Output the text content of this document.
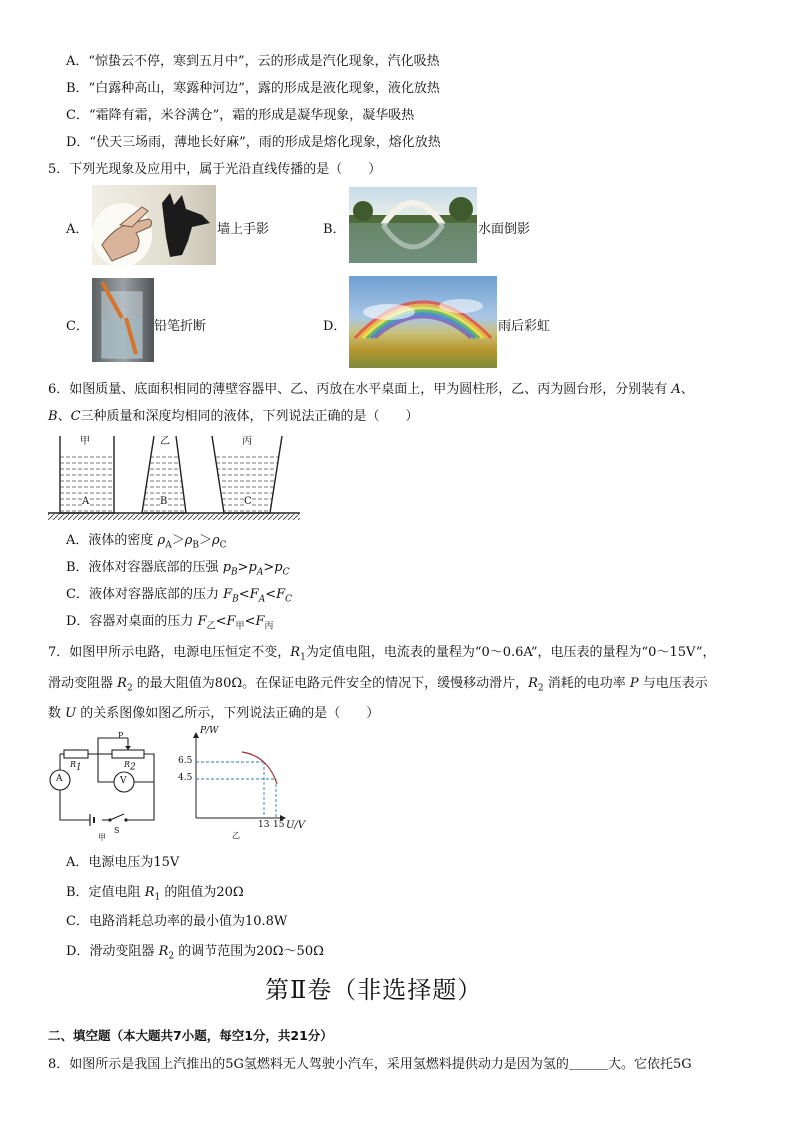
A．“惊蛰云不停，寒到五月中”，云的形成是汽化现象，汽化吸热
B．“白露种高山，寒露种河边”，露的形成是液化现象，液化放热
C．“霜降有霜，米谷满仓”，霜的形成是凝华现象，凝华吸热
D．“伏天三场雨，薄地长好麻”，雨的形成是熔化现象，熔化放热
5．下列光现象及应用中，属于光沿直线传播的是（　　）
A．	墙上手影	B．	水面倒影
C．	铅笔折断	D．	雨后彩虹
6．如图质量、底面积相同的薄壁容器甲、乙、丙放在水平桌面上，甲为圆柱形，乙、丙为圆台形，分别装有 A、
B、C三种质量和深度均相同的液体，下列说法正确的是（　　）
甲	乙	丙
A	B	C
A．液体的密度 $\rho_A>\rho_B>\rho_C$
B．液体对容器底部的压强 $p_B>p_A>p_C$
C．液体对容器底部的压力 $F_B<F_A<F_C$
D．容器对桌面的压力 $F_乙<F_甲<F_丙$
7．如图甲所示电路，电源电压恒定不变，$R_1$为定值电阻，电流表的量程为“0～0.6A”，电压表的量程为“0～15V”，
滑动变阻器 $R_2$ 的最大阻值为80Ω。在保证电路元件安全的情况下，缓慢移动滑片，$R_2$ 消耗的电功率 P 与电压表示
数 U 的关系图像如图乙所示，下列说法正确的是（　　）
$R_1$	$R_2$
P
A	V
S
甲
P/W
6.5
4.5
13 15 U/V
乙
A．电源电压为15V
B．定值电阻 $R_1$ 的阻值为20Ω
C．电路消耗总功率的最小值为10.8W
D．滑动变阻器 $R_2$ 的调节范围为20Ω～50Ω
第Ⅱ卷（非选择题）
二、填空题（本大题共7小题，每空1分，共21分）
8．如图所示是我国上汽推出的5G氢燃料无人驾驶小汽车，采用氢燃料提供动力是因为氢的＿＿＿大。它依托5G
